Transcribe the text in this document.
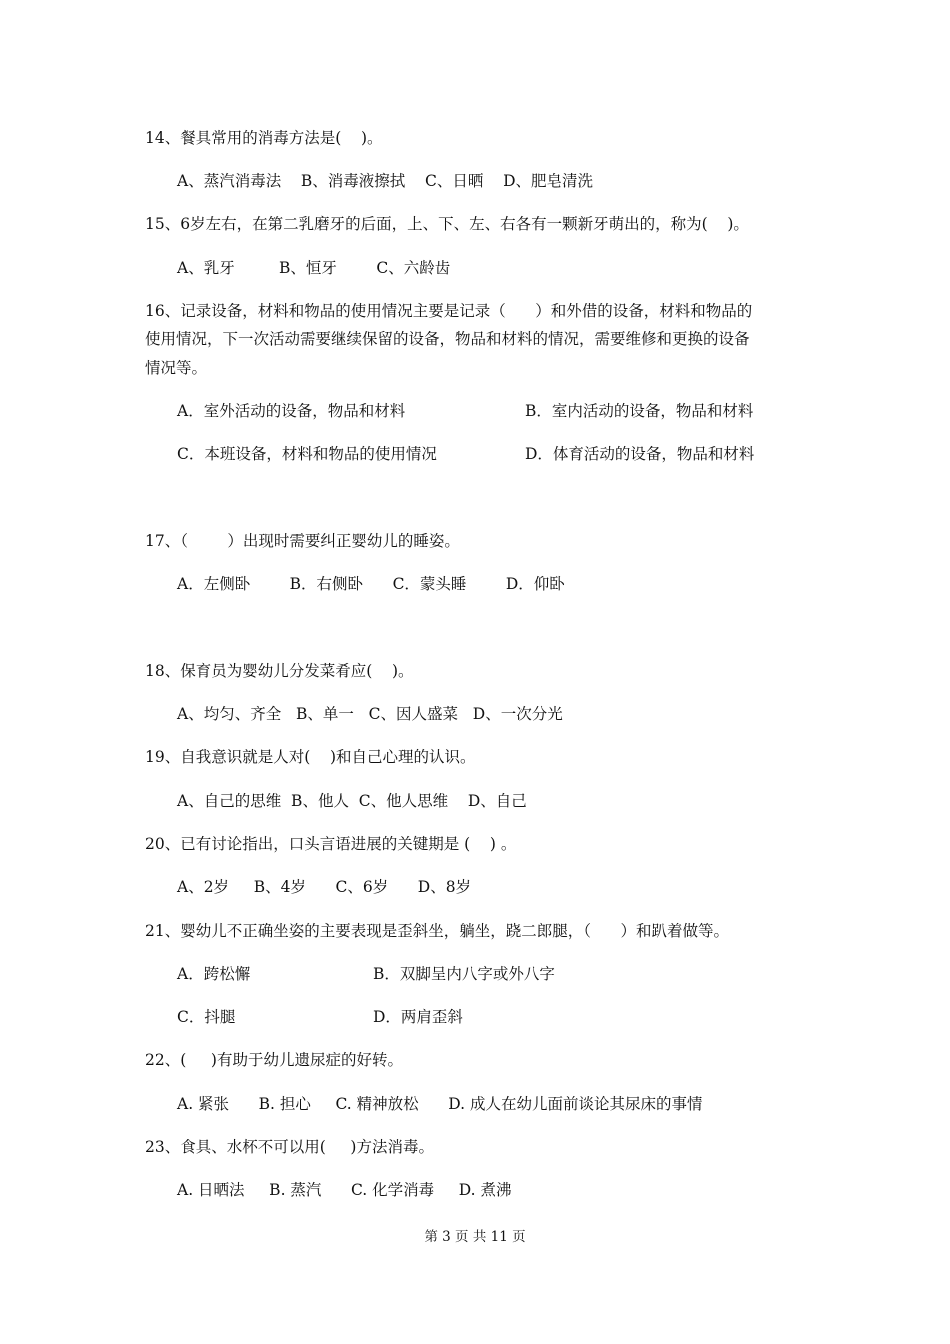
14、餐具常用的消毒方法是(    )。
A、蒸汽消毒法    B、消毒液擦拭    C、日晒    D、肥皂清洗
15、6岁左右，在第二乳磨牙的后面，上、下、左、右各有一颗新牙萌出的，称为(    )。
A、乳牙         B、恒牙        C、六龄齿
16、记录设备，材料和物品的使用情况主要是记录（      ）和外借的设备，材料和物品的
使用情况，下一次活动需要继续保留的设备，物品和材料的情况，需要维修和更换的设备
情况等。
A．室外活动的设备，物品和材料	B．室内活动的设备，物品和材料
C．本班设备，材料和物品的使用情况	D．体育活动的设备，物品和材料
17、（        ）出现时需要纠正婴幼儿的睡姿。
A．左侧卧        B．右侧卧      C．蒙头睡        D．仰卧
18、保育员为婴幼儿分发菜肴应(    )。
A、均匀、齐全   B、单一   C、因人盛菜   D、一次分光
19、自我意识就是人对(    )和自己心理的认识。
A、自己的思维  B、他人  C、他人思维    D、自己
20、已有讨论指出，口头言语进展的关键期是 (    ) 。
A、2岁     B、4岁      C、6岁      D、8岁
21、婴幼儿不正确坐姿的主要表现是歪斜坐，躺坐，跷二郎腿，（      ）和趴着做等。
A．跨松懈	B．双脚呈内八字或外八字
C．抖腿	D．两肩歪斜
22、(     )有助于幼儿遗尿症的好转。
A. 紧张      B. 担心     C. 精神放松      D. 成人在幼儿面前谈论其尿床的事情
23、食具、水杯不可以用(     )方法消毒。
A. 日晒法     B. 蒸汽      C. 化学消毒     D. 煮沸
第 3 页 共 11 页
